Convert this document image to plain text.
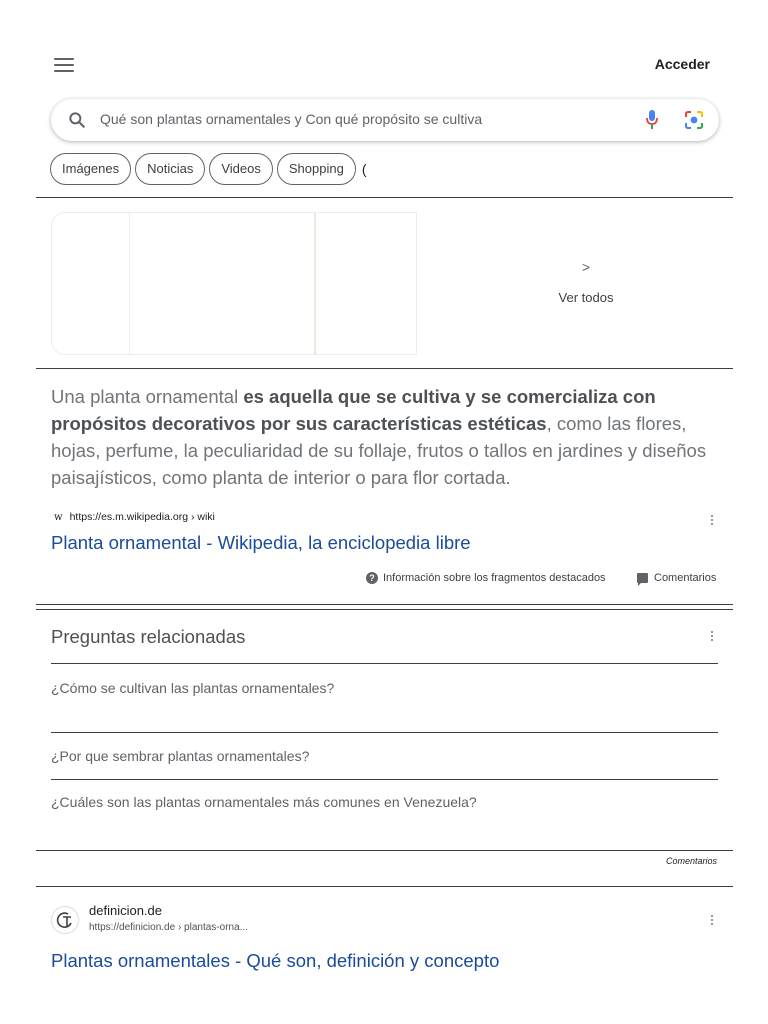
Acceder
Qué son plantas ornamentales y Con qué propósito se cultiva
Imágenes	Noticias	Videos	Shopping	(
>
Ver todos
Una planta ornamental es aquella que se cultiva y se comercializa con propósitos decorativos por sus características estéticas, como las flores, hojas, perfume, la peculiaridad de su follaje, frutos o tallos en jardines y diseños paisajísticos, como planta de interior o para flor cortada.
w https://es.m.wikipedia.org › wiki
Planta ornamental - Wikipedia, la enciclopedia libre
? Información sobre los fragmentos destacados	Comentarios
Preguntas relacionadas
¿Cómo se cultivan las plantas ornamentales?
¿Por que sembrar plantas ornamentales?
¿Cuáles son las plantas ornamentales más comunes en Venezuela?
Comentarios
definicion.de
https://definicion.de › plantas-orna...
Plantas ornamentales - Qué son, definición y concepto
